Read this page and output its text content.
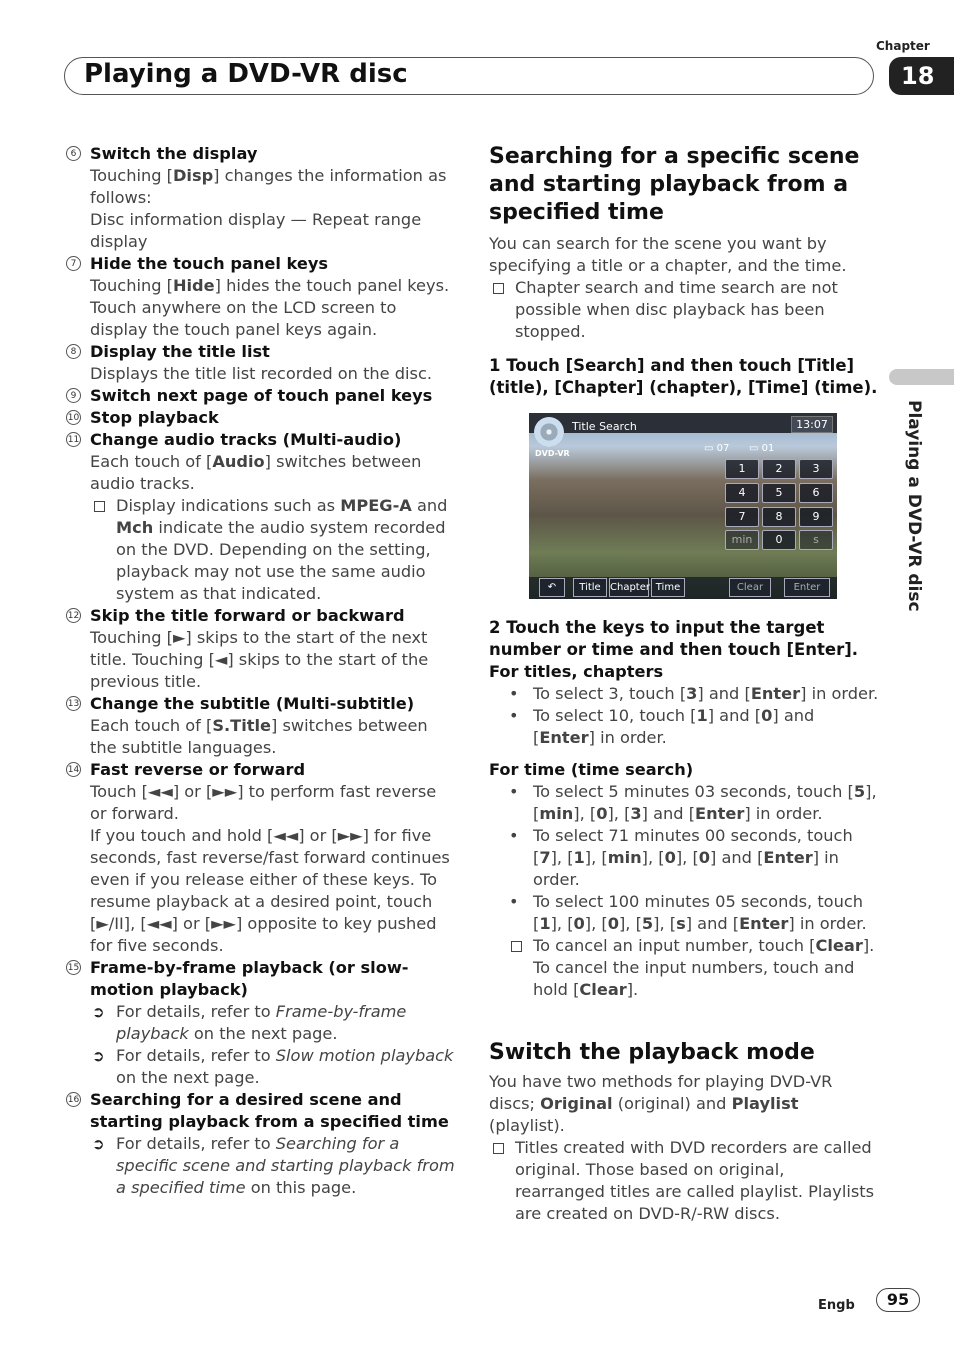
Playing a DVD-VR disc
Chapter
18
Playing a DVD-VR disc
6 Switch the display
Touching [Disp] changes the information as follows:
Disc information display — Repeat range display
7 Hide the touch panel keys
Touching [Hide] hides the touch panel keys. Touch anywhere on the LCD screen to display the touch panel keys again.
8 Display the title list
Displays the title list recorded on the disc.
9 Switch next page of touch panel keys
10 Stop playback
11 Change audio tracks (Multi-audio)
Each touch of [Audio] switches between audio tracks.
Display indications such as MPEG-A and Mch indicate the audio system recorded on the DVD. Depending on the setting, playback may not use the same audio system as that indicated.
12 Skip the title forward or backward
Touching [►] skips to the start of the next title. Touching [◄] skips to the start of the previous title.
13 Change the subtitle (Multi-subtitle)
Each touch of [S.Title] switches between the subtitle languages.
14 Fast reverse or forward
Touch [◄◄] or [►►] to perform fast reverse or forward.
If you touch and hold [◄◄] or [►►] for five seconds, fast reverse/fast forward continues even if you release either of these keys. To resume playback at a desired point, touch [►/II], [◄◄] or [►►] opposite to key pushed for five seconds.
15 Frame-by-frame playback (or slow-motion playback)
➲ For details, refer to Frame-by-frame playback on the next page.
➲ For details, refer to Slow motion playback on the next page.
16 Searching for a desired scene and starting playback from a specified time
➲ For details, refer to Searching for a specific scene and starting playback from a specified time on this page.
Searching for a specific scene and starting playback from a specified time
You can search for the scene you want by specifying a title or a chapter, and the time.
Chapter search and time search are not possible when disc playback has been stopped.
1 Touch [Search] and then touch [Title] (title), [Chapter] (chapter), [Time] (time).
DVD-VR
Title Search	13:07
▭ 07 ▭ 01
1	2	3
4	5	6
7	8	9
min	0	s
↶	Title Chapter Time	Clear	Enter
2 Touch the keys to input the target number or time and then touch [Enter].
For titles, chapters
• To select 3, touch [3] and [Enter] in order.
• To select 10, touch [1] and [0] and [Enter] in order.
For time (time search)
• To select 5 minutes 03 seconds, touch [5], [min], [0], [3] and [Enter] in order.
• To select 71 minutes 00 seconds, touch [7], [1], [min], [0], [0] and [Enter] in order.
• To select 100 minutes 05 seconds, touch [1], [0], [0], [5], [s] and [Enter] in order.
To cancel an input number, touch [Clear]. To cancel the input numbers, touch and hold [Clear].
Switch the playback mode
You have two methods for playing DVD-VR discs; Original (original) and Playlist (playlist).
Titles created with DVD recorders are called original. Those based on original, rearranged titles are called playlist. Playlists are created on DVD-R/-RW discs.
Engb	95
